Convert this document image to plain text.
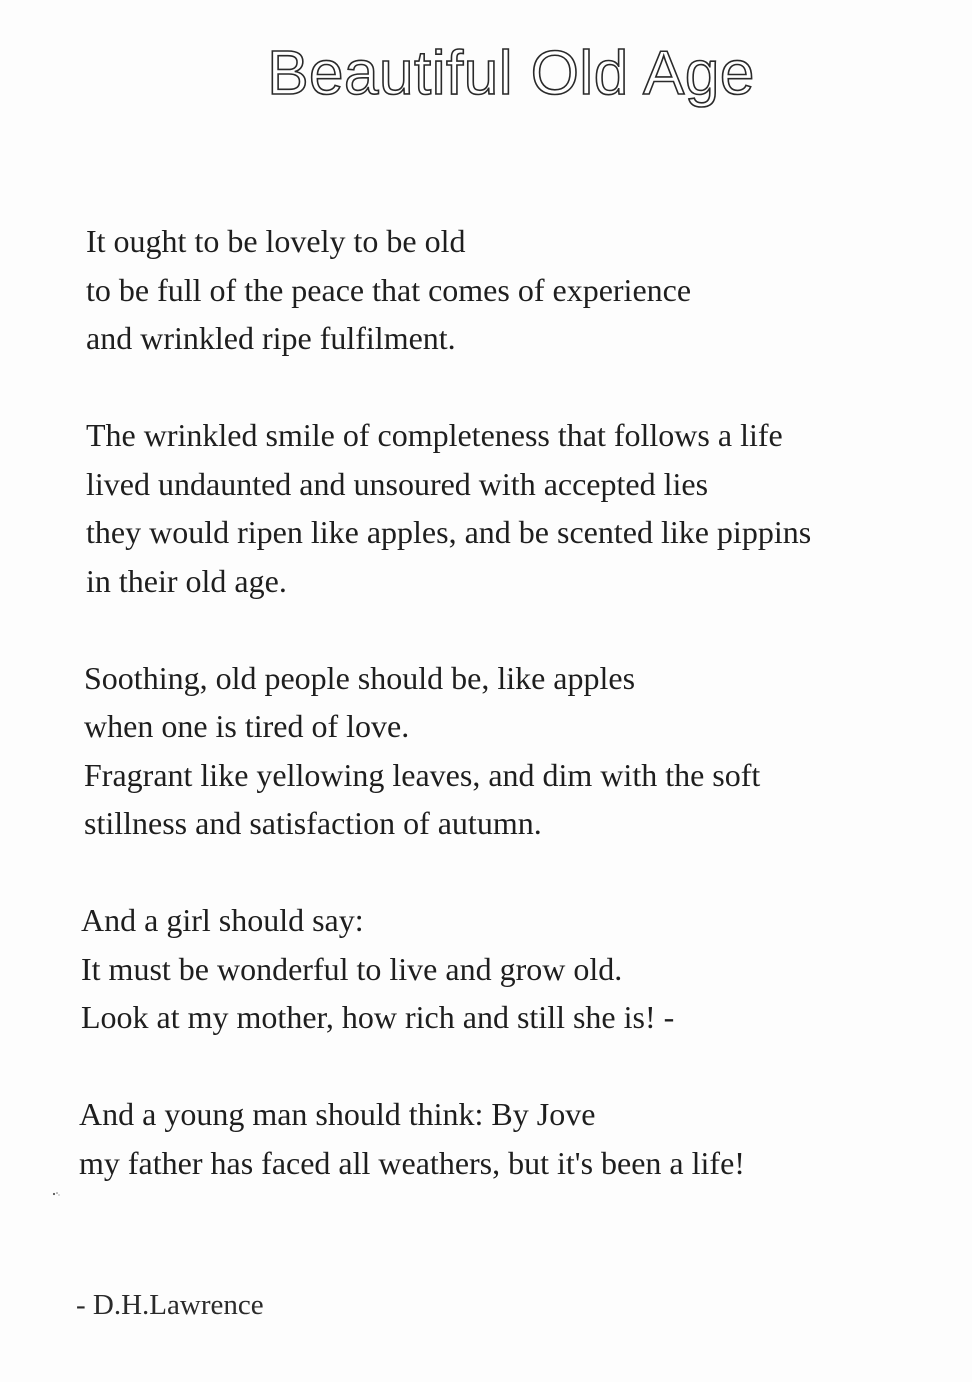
Beautiful Old Age
It ought to be lovely to be old
to be full of the peace that comes of experience
and wrinkled ripe fulfilment.
The wrinkled smile of completeness that follows a life
lived undaunted and unsoured with accepted lies
they would ripen like apples, and be scented like pippins
in their old age.
Soothing, old people should be, like apples
when one is tired of love.
Fragrant like yellowing leaves, and dim with the soft
stillness and satisfaction of autumn.
And a girl should say:
It must be wonderful to live and grow old.
Look at my mother, how rich and still she is! -
And a young man should think: By Jove
my father has faced all weathers, but it's been a life!
- D.H.Lawrence
